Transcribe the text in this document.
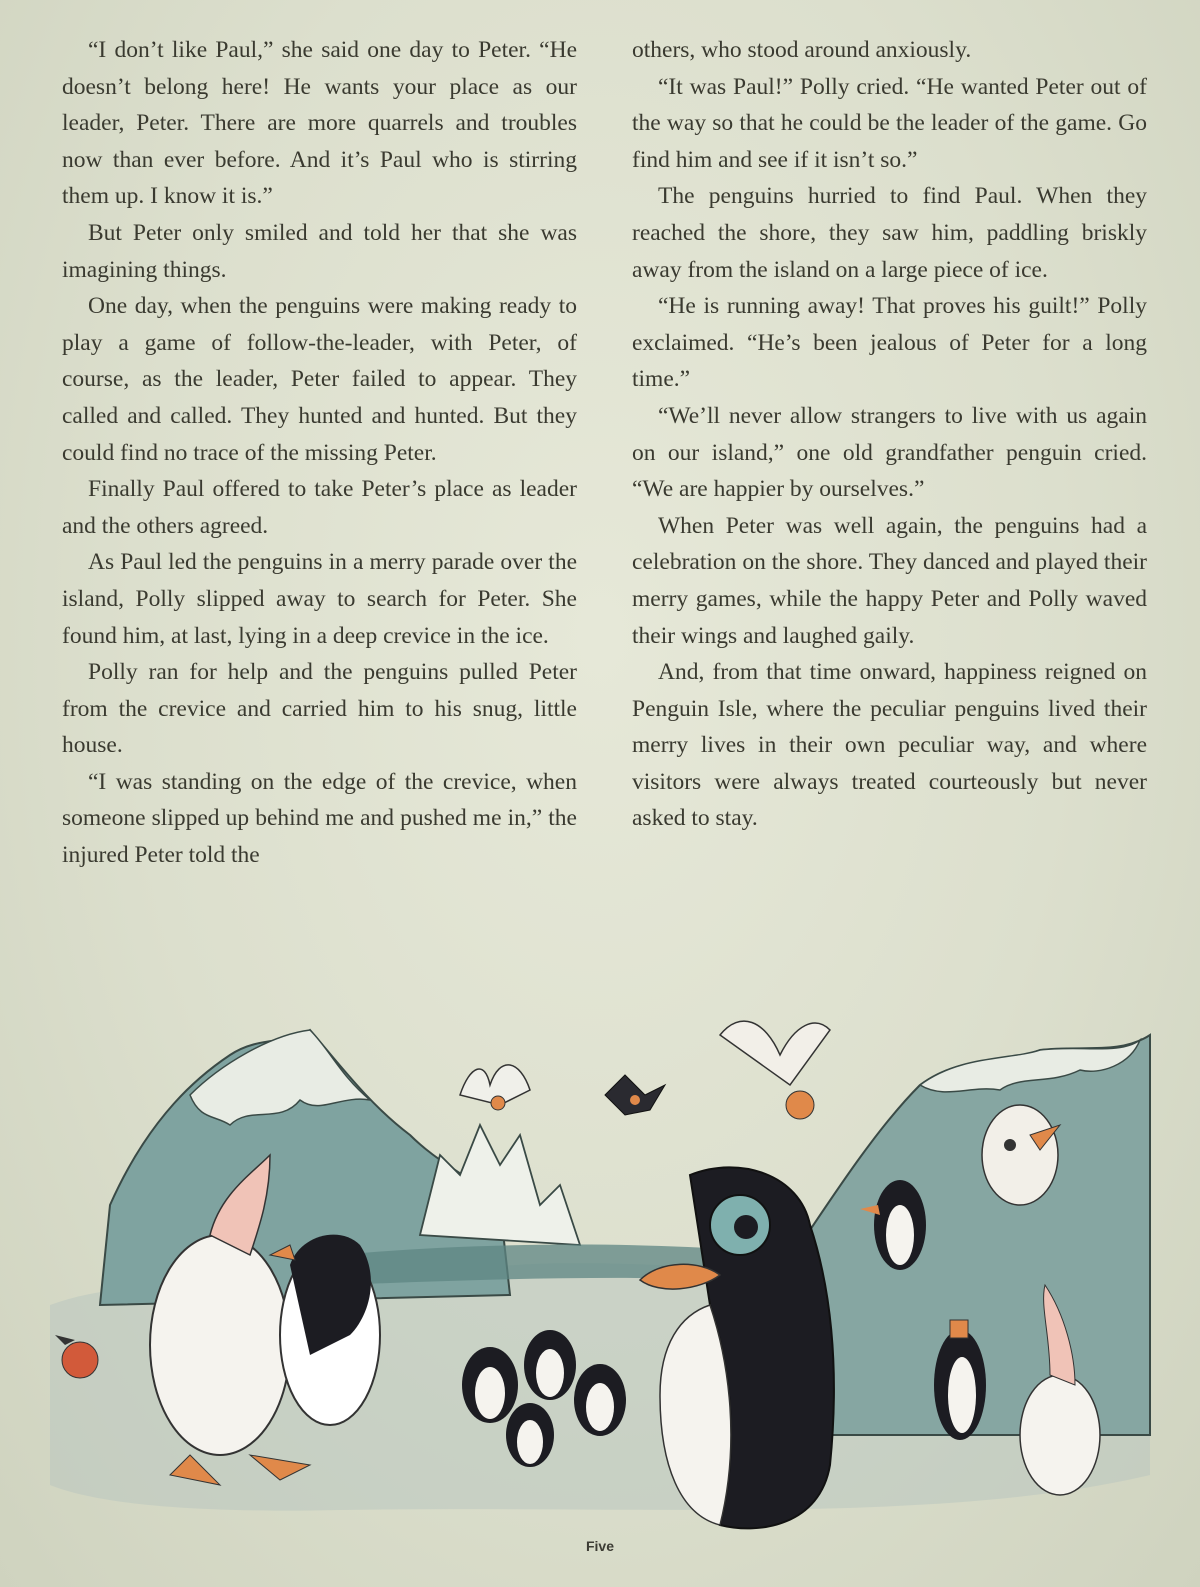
“I don’t like Paul,” she said one day to Peter. “He doesn’t belong here! He wants your place as our leader, Peter. There are more quarrels and troubles now than ever before. And it’s Paul who is stirring them up. I know it is.”

But Peter only smiled and told her that she was imagining things.

One day, when the penguins were making ready to play a game of follow-the-leader, with Peter, of course, as the leader, Peter failed to appear. They called and called. They hunted and hunted. But they could find no trace of the missing Peter.

Finally Paul offered to take Peter’s place as leader and the others agreed.

As Paul led the penguins in a merry parade over the island, Polly slipped away to search for Peter. She found him, at last, lying in a deep crevice in the ice.

Polly ran for help and the penguins pulled Peter from the crevice and carried him to his snug, little house.

“I was standing on the edge of the crevice, when someone slipped up behind me and pushed me in,” the injured Peter told the

others, who stood around anxiously.

“It was Paul!” Polly cried. “He wanted Peter out of the way so that he could be the leader of the game. Go find him and see if it isn’t so.”

The penguins hurried to find Paul. When they reached the shore, they saw him, paddling briskly away from the island on a large piece of ice.

“He is running away! That proves his guilt!” Polly exclaimed. “He’s been jealous of Peter for a long time.”

“We’ll never allow strangers to live with us again on our island,” one old grandfather penguin cried. “We are happier by ourselves.”

When Peter was well again, the penguins had a celebration on the shore. They danced and played their merry games, while the happy Peter and Polly waved their wings and laughed gaily.

And, from that time onward, happiness reigned on Penguin Isle, where the peculiar penguins lived their merry lives in their own peculiar way, and where visitors were always treated courteously but never asked to stay.

Five
